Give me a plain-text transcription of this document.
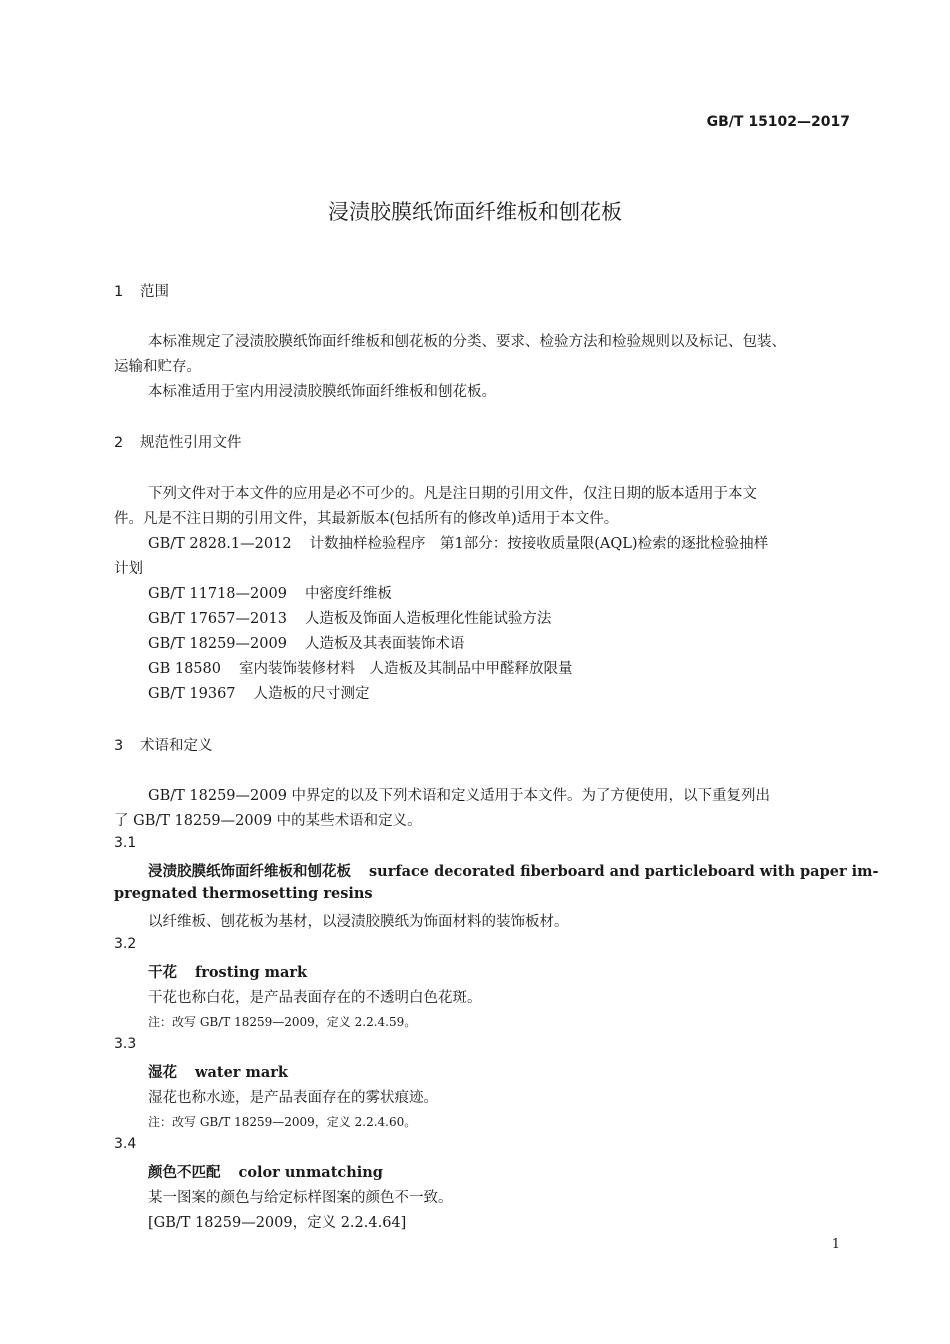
GB/T 15102—2017
浸渍胶膜纸饰面纤维板和刨花板
1 范围
本标准规定了浸渍胶膜纸饰面纤维板和刨花板的分类、要求、检验方法和检验规则以及标记、包装、
运输和贮存。
本标准适用于室内用浸渍胶膜纸饰面纤维板和刨花板。
2 规范性引用文件
下列文件对于本文件的应用是必不可少的。凡是注日期的引用文件，仅注日期的版本适用于本文
件。凡是不注日期的引用文件，其最新版本(包括所有的修改单)适用于本文件。
GB/T 2828.1—2012 计数抽样检验程序　第1部分：按接收质量限(AQL)检索的逐批检验抽样
计划
GB/T 11718—2009 中密度纤维板
GB/T 17657—2013 人造板及饰面人造板理化性能试验方法
GB/T 18259—2009 人造板及其表面装饰术语
GB 18580 室内装饰装修材料　人造板及其制品中甲醛释放限量
GB/T 19367 人造板的尺寸测定
3 术语和定义
GB/T 18259—2009 中界定的以及下列术语和定义适用于本文件。为了方便使用，以下重复列出
了 GB/T 18259—2009 中的某些术语和定义。
3.1
浸渍胶膜纸饰面纤维板和刨花板 surface decorated fiberboard and particleboard with paper im-
pregnated thermosetting resins
以纤维板、刨花板为基材，以浸渍胶膜纸为饰面材料的装饰板材。
3.2
干花 frosting mark
干花也称白花，是产品表面存在的不透明白色花斑。
注：改写 GB/T 18259—2009，定义 2.2.4.59。
3.3
湿花 water mark
湿花也称水迹，是产品表面存在的雾状痕迹。
注：改写 GB/T 18259—2009，定义 2.2.4.60。
3.4
颜色不匹配 color unmatching
某一图案的颜色与给定标样图案的颜色不一致。
[GB/T 18259—2009，定义 2.2.4.64]
1
